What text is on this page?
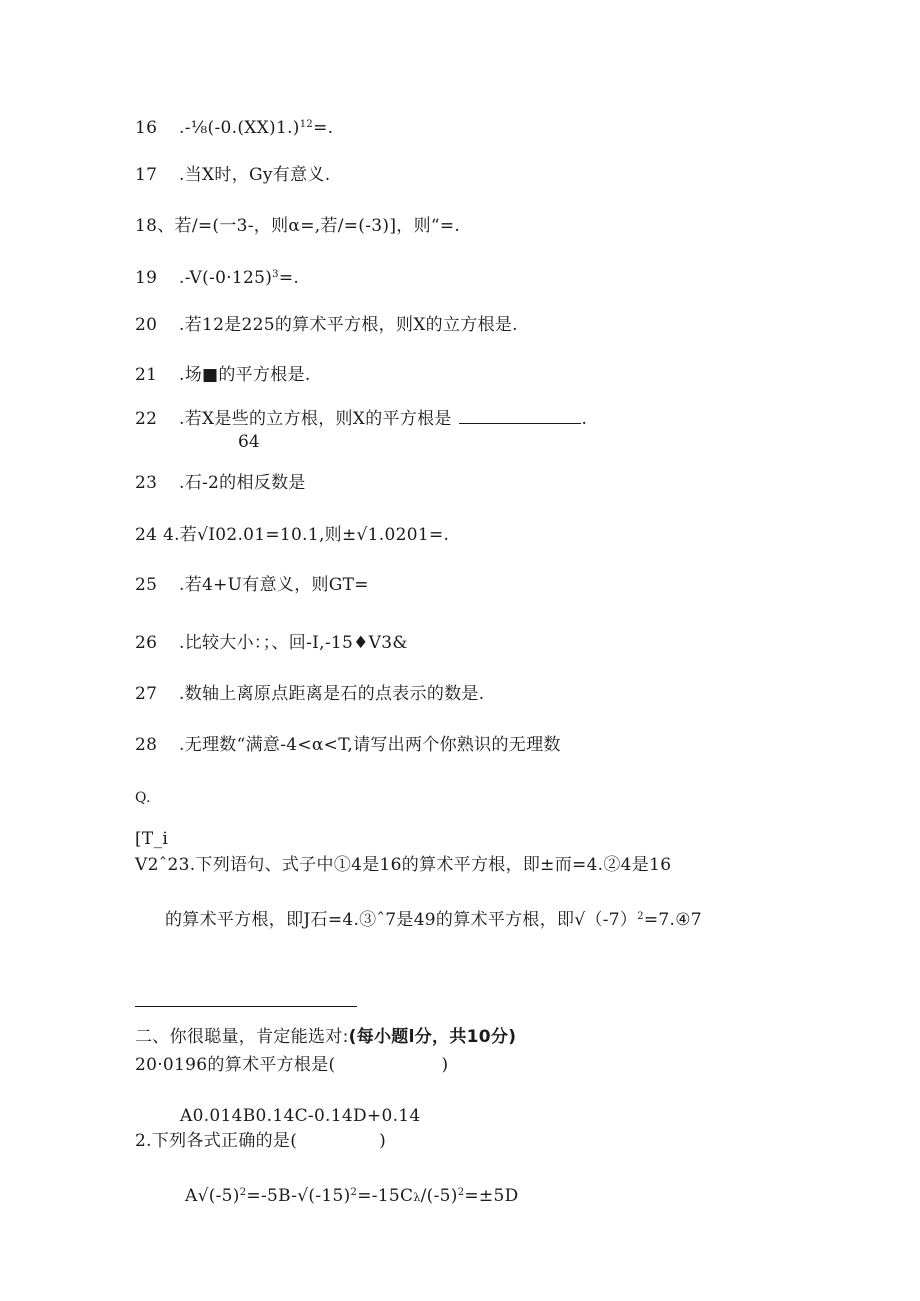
16 $.-\frac{1}{8}(-0.(XX)1.)^{12}=$.
17 .当X时，Gy有意义.
18、若/=(一3-，则α=,若/=(-3)]，则“=.
19 $.-V(-0\cdot 125)^3=$.
20 .若12是225的算术平方根，则X的立方根是.
21 .场■的平方根是.
22 .若X是些的立方根，则X的平方根是	.
64
23 .石-2的相反数是
24 4.若√I02.01=10.1,则±√1.0201=.
25 .若4+U有意义，则GT=
26 .比较大小：；、回-I,-15♦V3&
27 .数轴上离原点距离是石的点表示的数是.
28 .无理数“满意-4<α<T,请写出两个你熟识的无理数
Q.
[T_i
V2ˆ23.下列语句、式子中①4是16的算术平方根，即±而=4.②4是16
的算术平方根，即J石=4.③ˆ7是49的算术平方根，即$√(-7)^2=7.④7$
二、你很聪量，肯定能选对:(每小题l分，共10分)
20·0196的算术平方根是(	)
A0.014B0.14C-0.14D+0.14
2.下列各式正确的是(	)
$A√(-5)^2=-5B-√(-15)^2=-15C\lambda/(-5)^2=\pm 5D$
